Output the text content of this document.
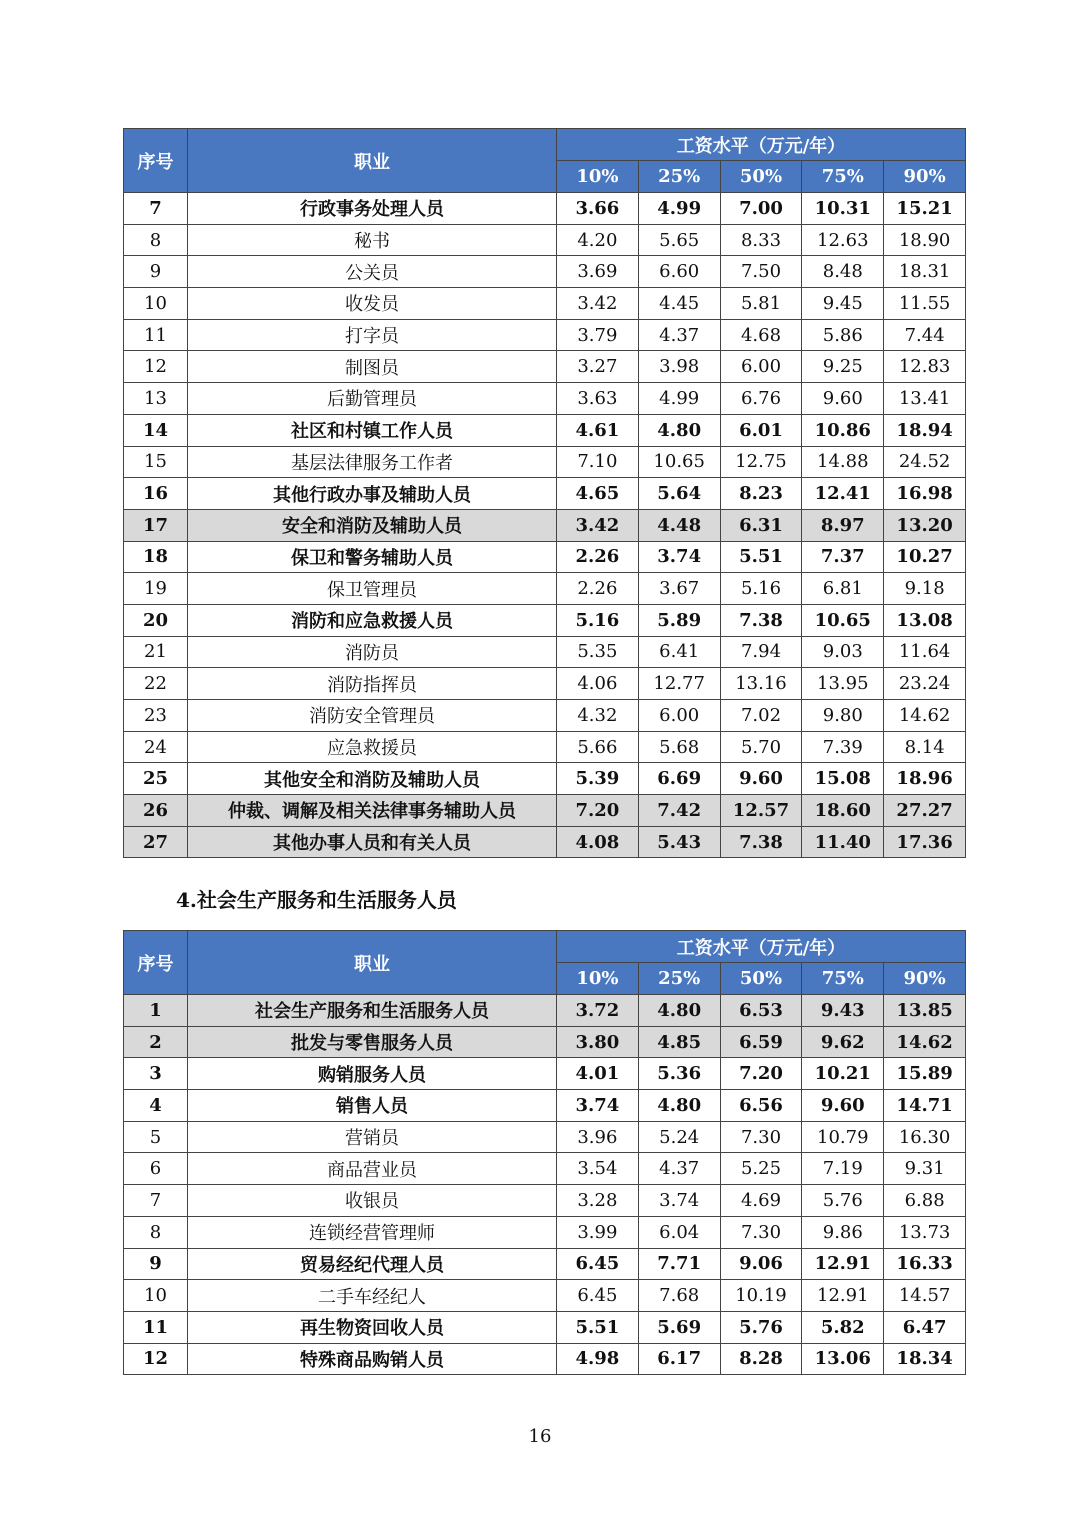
序号	职业	工资水平（万元/年）				
		10%	25%	50%	75%	90%
7	行政事务处理人员	3.66	4.99	7.00	10.31	15.21
8	秘书	4.20	5.65	8.33	12.63	18.90
9	公关员	3.69	6.60	7.50	8.48	18.31
10	收发员	3.42	4.45	5.81	9.45	11.55
11	打字员	3.79	4.37	4.68	5.86	7.44
12	制图员	3.27	3.98	6.00	9.25	12.83
13	后勤管理员	3.63	4.99	6.76	9.60	13.41
14	社区和村镇工作人员	4.61	4.80	6.01	10.86	18.94
15	基层法律服务工作者	7.10	10.65	12.75	14.88	24.52
16	其他行政办事及辅助人员	4.65	5.64	8.23	12.41	16.98
17	安全和消防及辅助人员	3.42	4.48	6.31	8.97	13.20
18	保卫和警务辅助人员	2.26	3.74	5.51	7.37	10.27
19	保卫管理员	2.26	3.67	5.16	6.81	9.18
20	消防和应急救援人员	5.16	5.89	7.38	10.65	13.08
21	消防员	5.35	6.41	7.94	9.03	11.64
22	消防指挥员	4.06	12.77	13.16	13.95	23.24
23	消防安全管理员	4.32	6.00	7.02	9.80	14.62
24	应急救援员	5.66	5.68	5.70	7.39	8.14
25	其他安全和消防及辅助人员	5.39	6.69	9.60	15.08	18.96
26	仲裁、调解及相关法律事务辅助人员	7.20	7.42	12.57	18.60	27.27
27	其他办事人员和有关人员	4.08	5.43	7.38	11.40	17.36
4.社会生产服务和生活服务人员
序号	职业	工资水平（万元/年）				
		10%	25%	50%	75%	90%
1	社会生产服务和生活服务人员	3.72	4.80	6.53	9.43	13.85
2	批发与零售服务人员	3.80	4.85	6.59	9.62	14.62
3	购销服务人员	4.01	5.36	7.20	10.21	15.89
4	销售人员	3.74	4.80	6.56	9.60	14.71
5	营销员	3.96	5.24	7.30	10.79	16.30
6	商品营业员	3.54	4.37	5.25	7.19	9.31
7	收银员	3.28	3.74	4.69	5.76	6.88
8	连锁经营管理师	3.99	6.04	7.30	9.86	13.73
9	贸易经纪代理人员	6.45	7.71	9.06	12.91	16.33
10	二手车经纪人	6.45	7.68	10.19	12.91	14.57
11	再生物资回收人员	5.51	5.69	5.76	5.82	6.47
12	特殊商品购销人员	4.98	6.17	8.28	13.06	18.34
16
